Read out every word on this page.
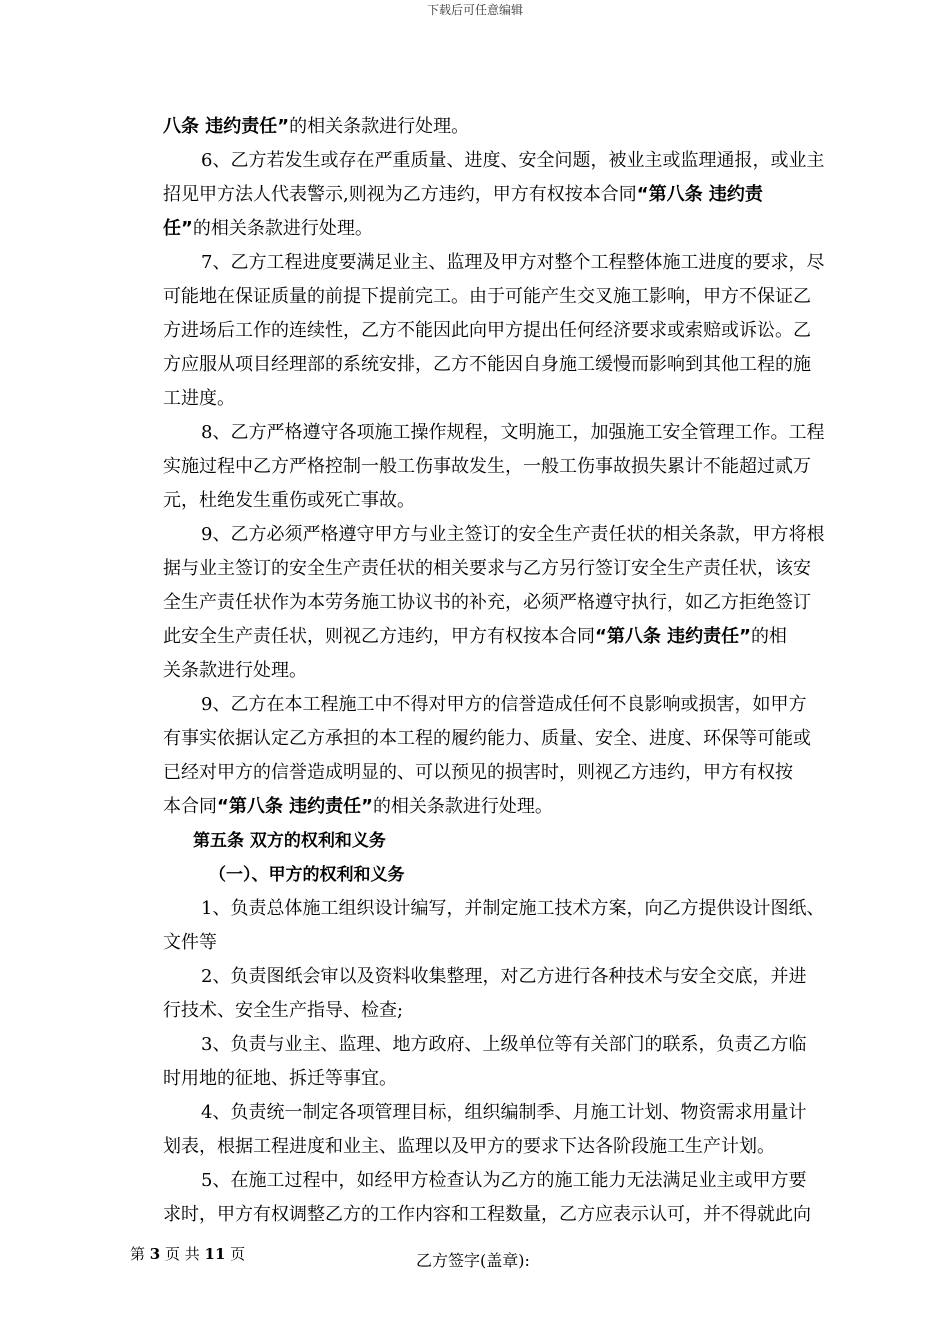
下载后可任意编辑
八条 违约责任”的相关条款进行处理。
6、乙方若发生或存在严重质量、进度、安全问题，被业主或监理通报，或业主
招见甲方法人代表警示,则视为乙方违约，甲方有权按本合同“第八条 违约责
任”的相关条款进行处理。
7、乙方工程进度要满足业主、监理及甲方对整个工程整体施工进度的要求，尽
可能地在保证质量的前提下提前完工。由于可能产生交叉施工影响，甲方不保证乙
方进场后工作的连续性，乙方不能因此向甲方提出任何经济要求或索赔或诉讼。乙
方应服从项目经理部的系统安排，乙方不能因自身施工缓慢而影响到其他工程的施
工进度。
8、乙方严格遵守各项施工操作规程，文明施工，加强施工安全管理工作。工程
实施过程中乙方严格控制一般工伤事故发生，一般工伤事故损失累计不能超过贰万
元，杜绝发生重伤或死亡事故。
9、乙方必须严格遵守甲方与业主签订的安全生产责任状的相关条款，甲方将根
据与业主签订的安全生产责任状的相关要求与乙方另行签订安全生产责任状，该安
全生产责任状作为本劳务施工协议书的补充，必须严格遵守执行，如乙方拒绝签订
此安全生产责任状，则视乙方违约，甲方有权按本合同“第八条 违约责任”的相
关条款进行处理。
9、乙方在本工程施工中不得对甲方的信誉造成任何不良影响或损害，如甲方
有事实依据认定乙方承担的本工程的履约能力、质量、安全、进度、环保等可能或
已经对甲方的信誉造成明显的、可以预见的损害时，则视乙方违约，甲方有权按
本合同“第八条 违约责任”的相关条款进行处理。
第五条 双方的权利和义务
（一）、甲方的权利和义务
1、负责总体施工组织设计编写，并制定施工技术方案，向乙方提供设计图纸、
文件等
2、负责图纸会审以及资料收集整理，对乙方进行各种技术与安全交底，并进
行技术、安全生产指导、检查;
3、负责与业主、监理、地方政府、上级单位等有关部门的联系，负责乙方临
时用地的征地、拆迁等事宜。
4、负责统一制定各项管理目标，组织编制季、月施工计划、物资需求用量计
划表，根据工程进度和业主、监理以及甲方的要求下达各阶段施工生产计划。
5、在施工过程中，如经甲方检查认为乙方的施工能力无法满足业主或甲方要
求时，甲方有权调整乙方的工作内容和工程数量，乙方应表示认可，并不得就此向
第 3 页 共 11 页	乙方签字(盖章):
